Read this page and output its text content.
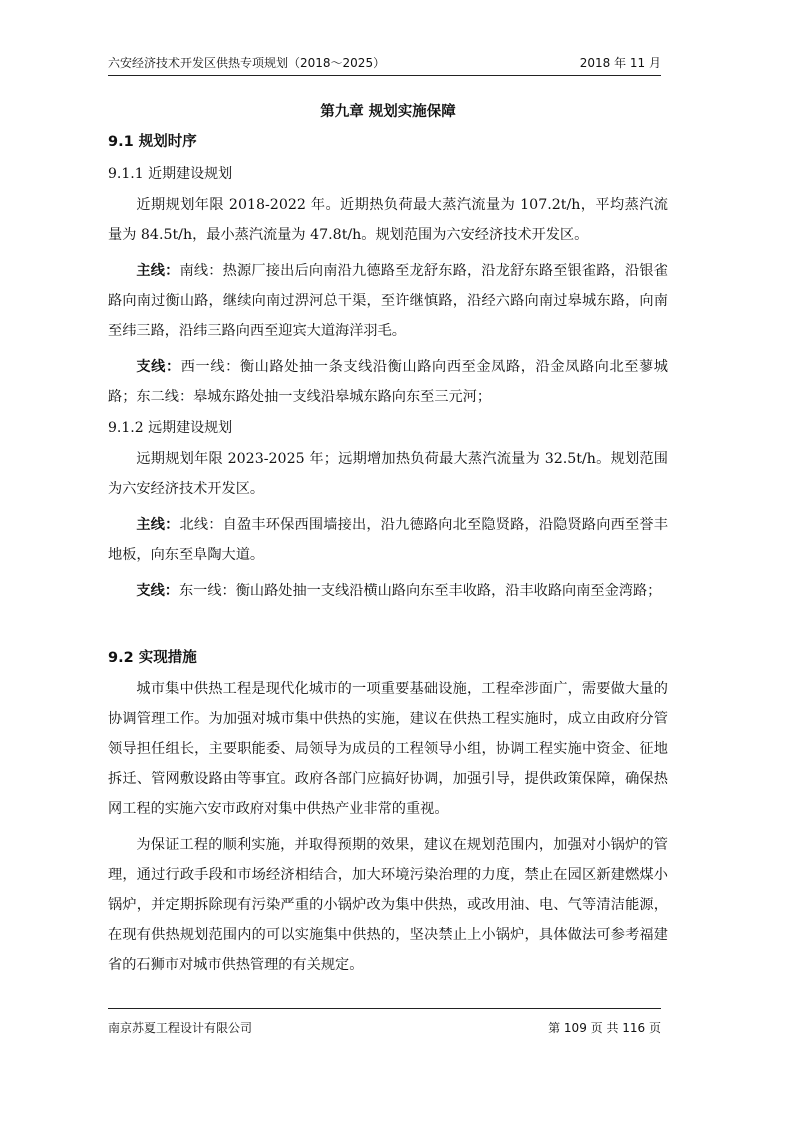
六安经济技术开发区供热专项规划（2018～2025）	2018 年 11 月
第九章 规划实施保障
9.1 规划时序
9.1.1 近期建设规划

近期规划年限 2018-2022 年。近期热负荷最大蒸汽流量为 107.2t/h，平均蒸汽流量为 84.5t/h，最小蒸汽流量为 47.8t/h。规划范围为六安经济技术开发区。

主线：南线：热源厂接出后向南沿九德路至龙舒东路，沿龙舒东路至银雀路，沿银雀路向南过衡山路，继续向南过淠河总干渠，至许继慎路，沿经六路向南过皋城东路，向南至纬三路，沿纬三路向西至迎宾大道海洋羽毛。

支线：西一线：衡山路处抽一条支线沿衡山路向西至金凤路，沿金凤路向北至蓼城路；东二线：皋城东路处抽一支线沿皋城东路向东至三元河；

9.1.2 远期建设规划

远期规划年限 2023-2025 年；远期增加热负荷最大蒸汽流量为 32.5t/h。规划范围为六安经济技术开发区。

主线：北线：自盈丰环保西围墙接出，沿九德路向北至隐贤路，沿隐贤路向西至誉丰地板，向东至阜陶大道。

支线：东一线：衡山路处抽一支线沿横山路向东至丰收路，沿丰收路向南至金湾路；

9.2 实现措施

城市集中供热工程是现代化城市的一项重要基础设施，工程牵涉面广，需要做大量的协调管理工作。为加强对城市集中供热的实施，建议在供热工程实施时，成立由政府分管领导担任组长，主要职能委、局领导为成员的工程领导小组，协调工程实施中资金、征地拆迁、管网敷设路由等事宜。政府各部门应搞好协调，加强引导，提供政策保障，确保热网工程的实施六安市政府对集中供热产业非常的重视。

为保证工程的顺利实施，并取得预期的效果，建议在规划范围内，加强对小锅炉的管理，通过行政手段和市场经济相结合，加大环境污染治理的力度，禁止在园区新建燃煤小锅炉，并定期拆除现有污染严重的小锅炉改为集中供热，或改用油、电、气等清洁能源，在现有供热规划范围内的可以实施集中供热的，坚决禁止上小锅炉，具体做法可参考福建省的石狮市对城市供热管理的有关规定。

南京苏夏工程设计有限公司	第 109 页 共 116 页
